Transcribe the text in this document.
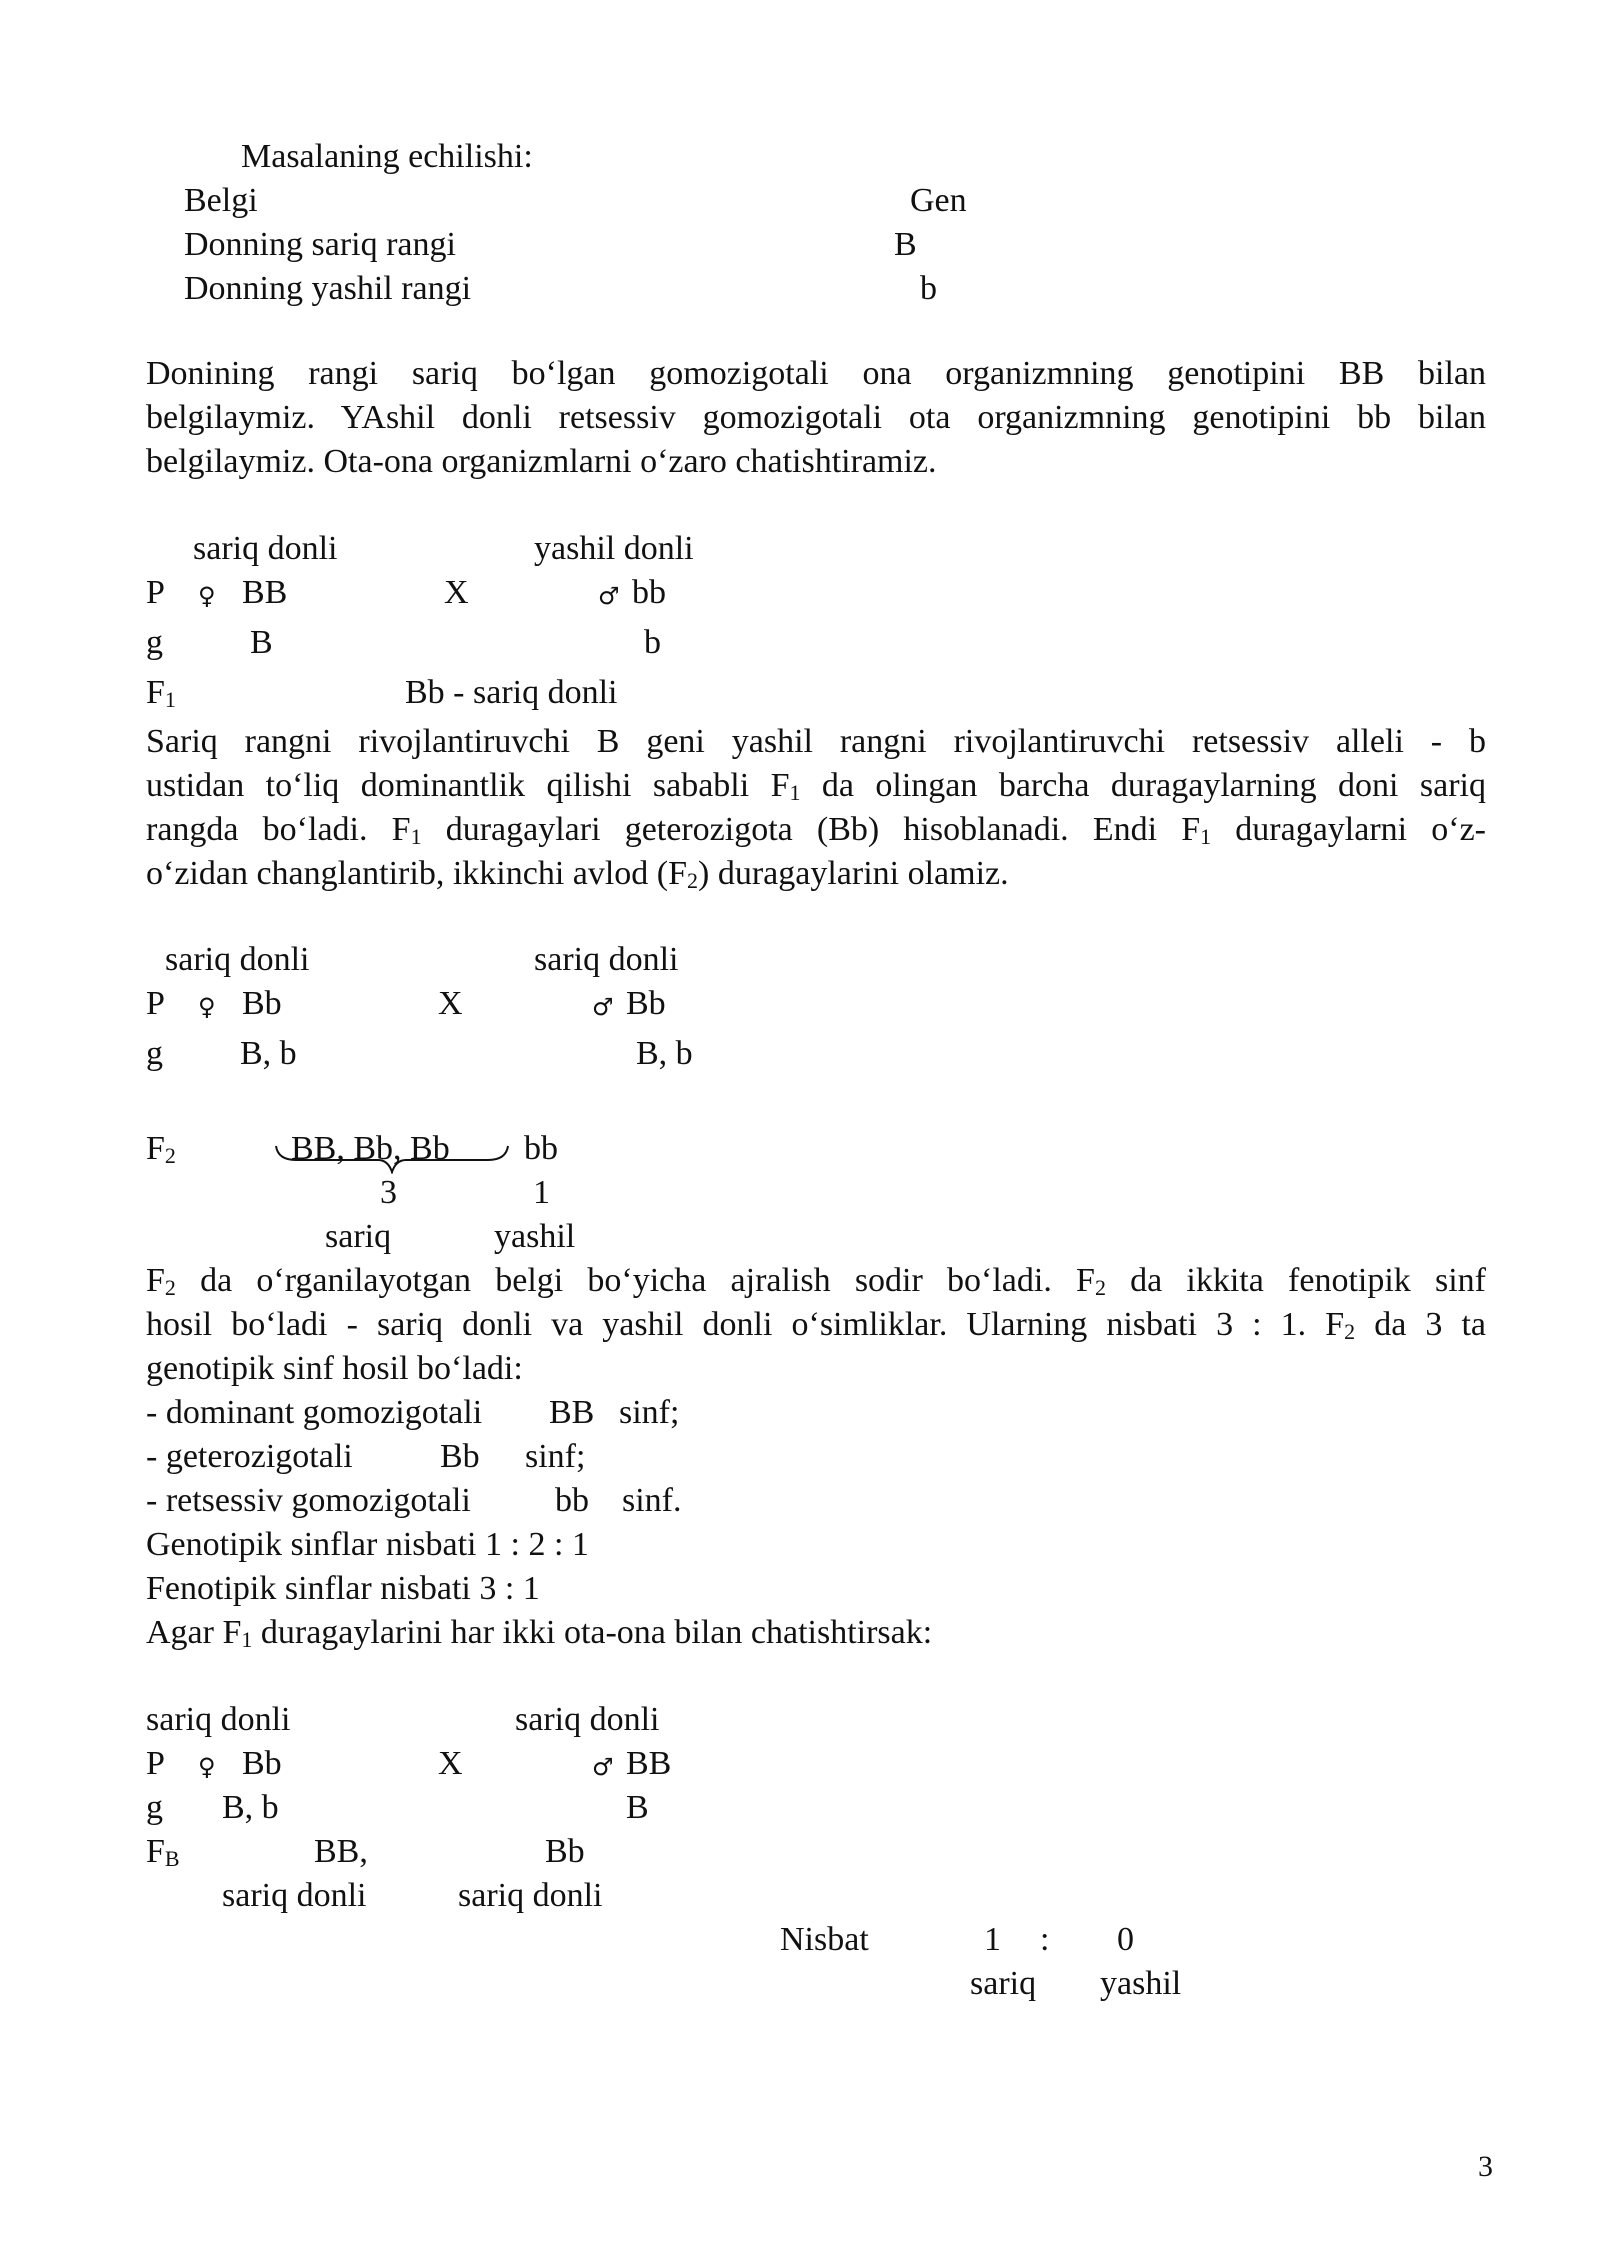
Masalaning echilishi:
Belgi	Gen
Donning sariq rangi	B
Donning yashil rangi	b
Donining rangi sariq bo‘lgan gomozigotali ona organizmning genotipini BB bilan
belgilaymiz. YAshil donli retsessiv gomozigotali ota organizmning genotipini bb bilan
belgilaymiz. Ota-ona organizmlarni o‘zaro chatishtiramiz.
sariq donli	yashil donli
P ♀ BB	X	♂ bb
g	B	b
$F_1$	Bb - sariq donli
Sariq rangni rivojlantiruvchi B geni yashil rangni rivojlantiruvchi retsessiv alleli - b
ustidan to‘liq dominantlik qilishi sababli $F_1$ da olingan barcha duragaylarning doni sariq
rangda bo‘ladi. $F_1$ duragaylari geterozigota (Bb) hisoblanadi. Endi $F_1$ duragaylarni o‘z-
o‘zidan changlantirib, ikkinchi avlod $(F_2)$ duragaylarini olamiz.
sariq donli	sariq donli
P ♀ Bb	X	♂ Bb
g B, b	B, b
$F_2$	BB, Bb, Bb bb
3	1
sariq	yashil
$F_2$ da o‘rganilayotgan belgi bo‘yicha ajralish sodir bo‘ladi. $F_2$ da ikkita fenotipik sinf
hosil bo‘ladi - sariq donli va yashil donli o‘simliklar. Ularning nisbati 3 : 1. $F_2$ da 3 ta
genotipik sinf hosil bo‘ladi:
- dominant gomozigotali BB sinf;
- geterozigotali	Bb sinf;
- retsessiv gomozigotali bb sinf.
Genotipik sinflar nisbati 1 : 2 : 1
Fenotipik sinflar nisbati 3 : 1
Agar $F_1$ duragaylarini har ikki ota-ona bilan chatishtirsak:
sariq donli	sariq donli
P ♀ Bb	X	♂ BB
g B, b	B
$F_B$	BB,	Bb
sariq donli	sariq donli
Nisbat	1 : 0
sariq yashil
3
